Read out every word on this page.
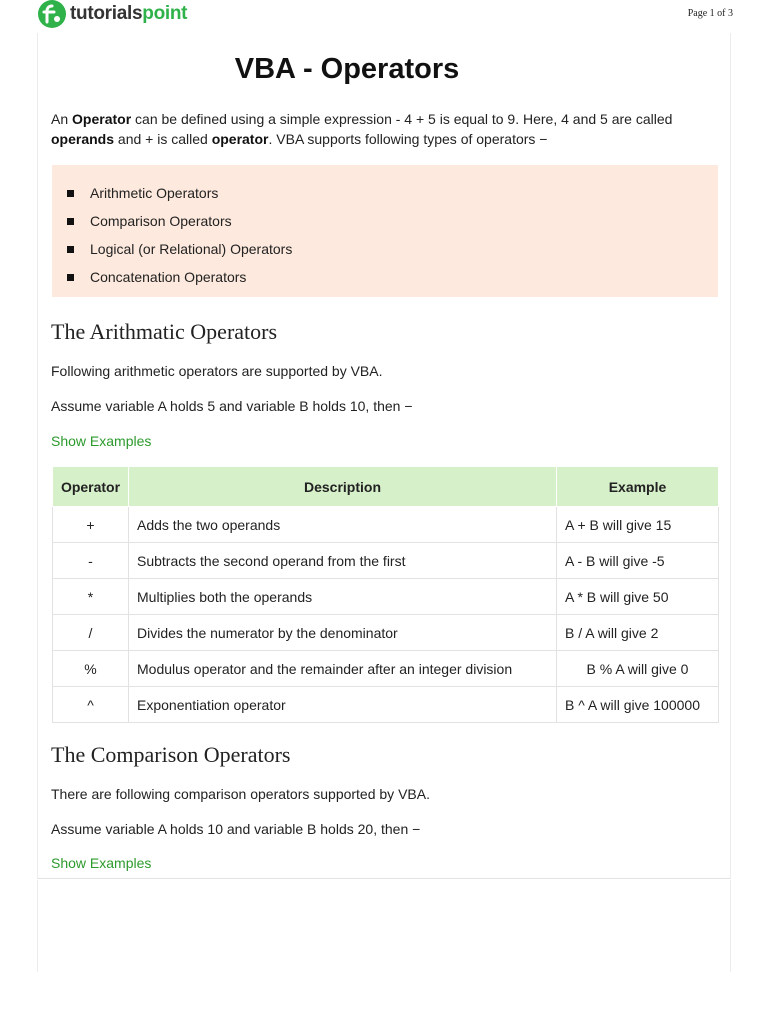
tutorialspoint	Page 1 of 3
VBA - Operators

An Operator can be defined using a simple expression - 4 + 5 is equal to 9. Here, 4 and 5 are called operands and + is called operator. VBA supports following types of operators −

Arithmetic Operators
Comparison Operators
Logical (or Relational) Operators
Concatenation Operators
The Arithmatic Operators

Following arithmetic operators are supported by VBA.

Assume variable A holds 5 and variable B holds 10, then −

Show Examples
Operator	Description	Example
+	Adds the two operands	A + B will give 15
-	Subtracts the second operand from the first	A - B will give -5
*	Multiplies both the operands	A * B will give 50
/	Divides the numerator by the denominator	B / A will give 2
%	Modulus operator and the remainder after an integer division	B % A will give 0
^	Exponentiation operator	B ^ A will give 100000
The Comparison Operators

There are following comparison operators supported by VBA.

Assume variable A holds 10 and variable B holds 20, then −

Show Examples
